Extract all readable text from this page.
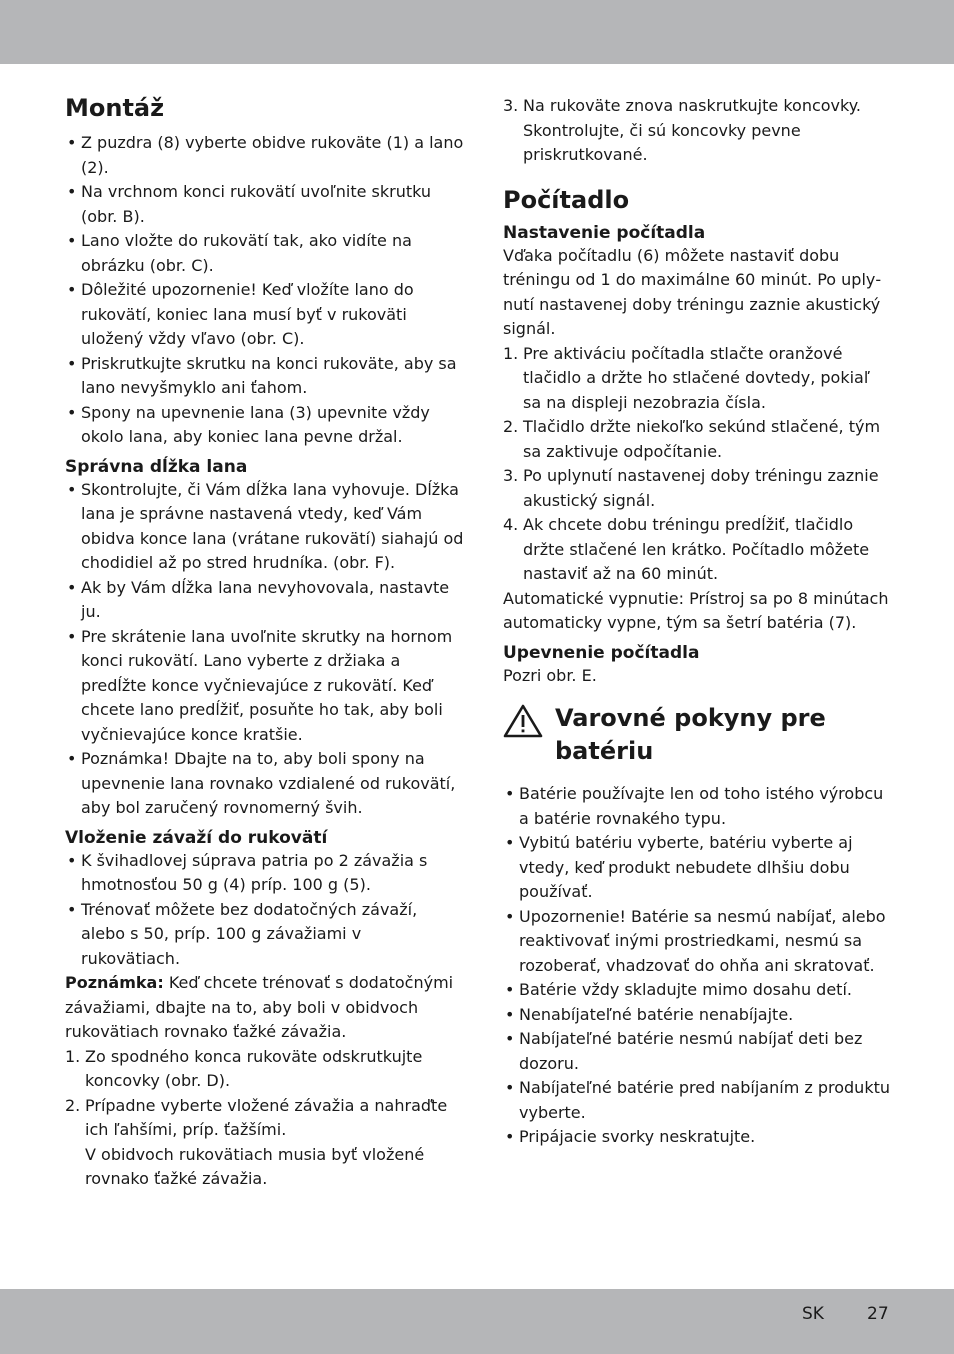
Montáž
• Z puzdra (8) vyberte obidve rukoväte (1) a lano (2).
• Na vrchnom konci rukovätí uvoľnite skrutku (obr. B).
• Lano vložte do rukovätí tak, ako vidíte na obrázku (obr. C).
• Dôležité upozornenie! Keď vložíte lano do rukovätí, koniec lana musí byť v rukoväti uložený vždy vľavo (obr. C).
• Priskrutkujte skrutku na konci rukoväte, aby sa lano nevyšmyklo ani ťahom.
• Spony na upevnenie lana (3) upevnite vždy okolo lana, aby koniec lana pevne držal.
Správna dĺžka lana
• Skontrolujte, či Vám dĺžka lana vyhovuje. Dĺžka lana je správne nastavená vtedy, keď Vám obidva konce lana (vrátane rukovätí) siahajú od chodidiel až po stred hrudníka. (obr. F).
• Ak by Vám dĺžka lana nevyhovovala, nastavte ju.
• Pre skrátenie lana uvoľnite skrutky na hornom konci rukovätí. Lano vyberte z držiaka a predĺžte konce vyčnievajúce z rukovätí. Keď chcete lano predĺžiť, posuňte ho tak, aby boli vyčnievajúce konce kratšie.
• Poznámka! Dbajte na to, aby boli spony na upevnenie lana rovnako vzdialené od rukovätí, aby bol zaručený rovnomerný švih.
Vloženie závaží do rukovätí
• K švihadlovej súprava patria po 2 závažia s hmotnosťou 50 g (4) príp. 100 g (5).
• Trénovať môžete bez dodatočných závaží, alebo s 50, príp. 100 g závažiami v rukovätiach.

Poznámka: Keď chcete trénovať s dodatočnými závažiami, dbajte na to, aby boli v obidvoch rukovätiach rovnako ťažké závažia.

1. Zo spodného konca rukoväte odskrutkujte koncovky (obr. D).
2. Prípadne vyberte vložené závažia a nahraďte ich ľahšími, príp. ťažšími.

V obidvoch rukovätiach musia byť vložené rovnako ťažké závažia.

3. Na rukoväte znova naskrutkujte koncovky. Skontrolujte, či sú koncovky pevne priskrutkované.
Počítadlo
Nastavenie počítadla

Vďaka počítadlu (6) môžete nastaviť dobu tréningu od 1 do maximálne 60 minút. Po uplynutí nastavenej doby tréningu zaznie akustický signál.

1. Pre aktiváciu počítadla stlačte oranžové tlačidlo a držte ho stlačené dovtedy, pokiaľ sa na displeji nezobrazia čísla.
2. Tlačidlo držte niekoľko sekúnd stlačené, tým sa zaktivuje odpočítanie.
3. Po uplynutí nastavenej doby tréningu zaznie akustický signál.
4. Ak chcete dobu tréningu predĺžiť, tlačidlo držte stlačené len krátko. Počítadlo môžete nastaviť až na 60 minút.

Automatické vypnutie: Prístroj sa po 8 minútach automaticky vypne, tým sa šetrí batéria (7).

Upevnenie počítadla

Pozri obr. E.

Varovné pokyny pre batériu
• Batérie používajte len od toho istého výrobcu a batérie rovnakého typu.
• Vybitú batériu vyberte, batériu vyberte aj vtedy, keď produkt nebudete dlhšiu dobu používať.
• Upozornenie! Batérie sa nesmú nabíjať, alebo reaktivovať inými prostriedkami, nesmú sa rozoberať, vhadzovať do ohňa ani skratovať.
• Batérie vždy skladujte mimo dosahu detí.
• Nenabíjateľné batérie nenabíjajte.
• Nabíjateľné batérie nesmú nabíjať deti bez dozoru.
• Nabíjateľné batérie pred nabíjaním z produktu vyberte.
• Pripájacie svorky neskratujte.
SK	27
